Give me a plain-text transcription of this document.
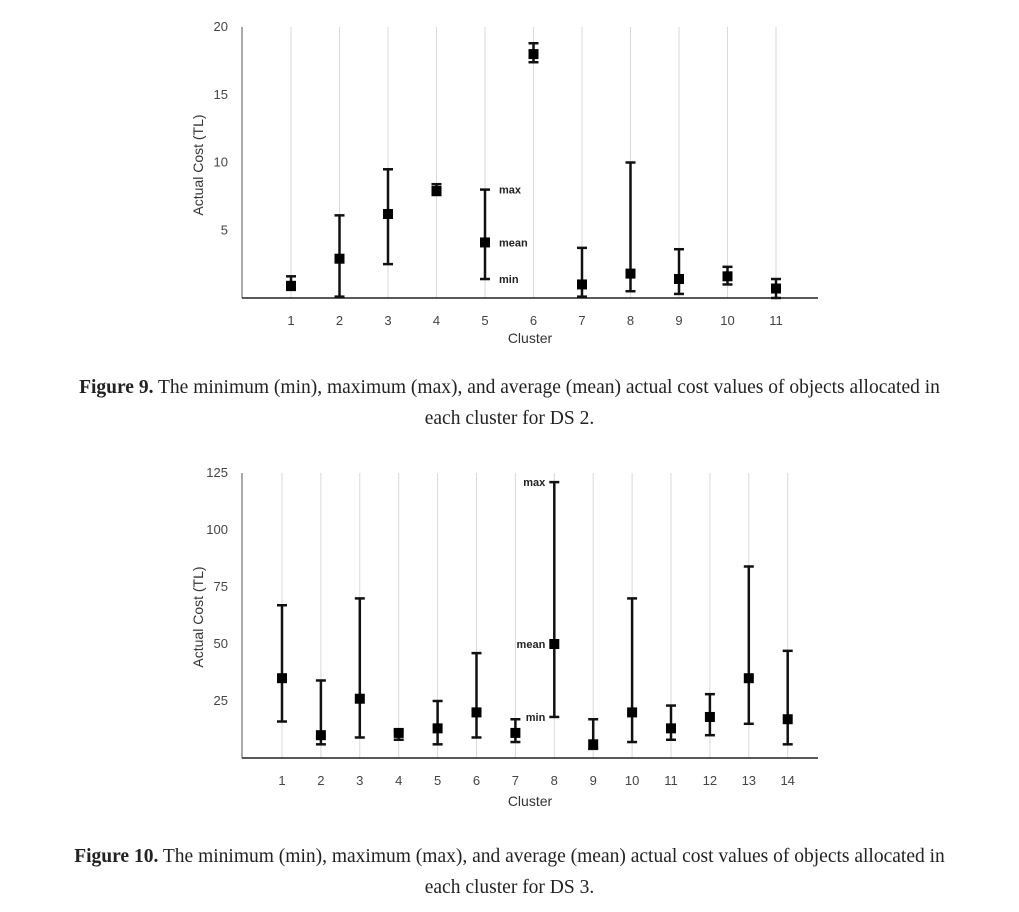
5
10
15
20
1	2	3	4	5	6	7	8	9	10	11
Cluster
Actual Cost (TL)	max
mean
min
25
50
75
100
125
1 2 3 4 5 6 7 8 9 10 11 12 13 14
Cluster
Actual Cost (TL)
max
mean
min
Figure 9. The minimum (min), maximum (max), and average (mean) actual cost values of objects allocated in
each cluster for DS 2.
Figure 10. The minimum (min), maximum (max), and average (mean) actual cost values of objects allocated in
each cluster for DS 3.
